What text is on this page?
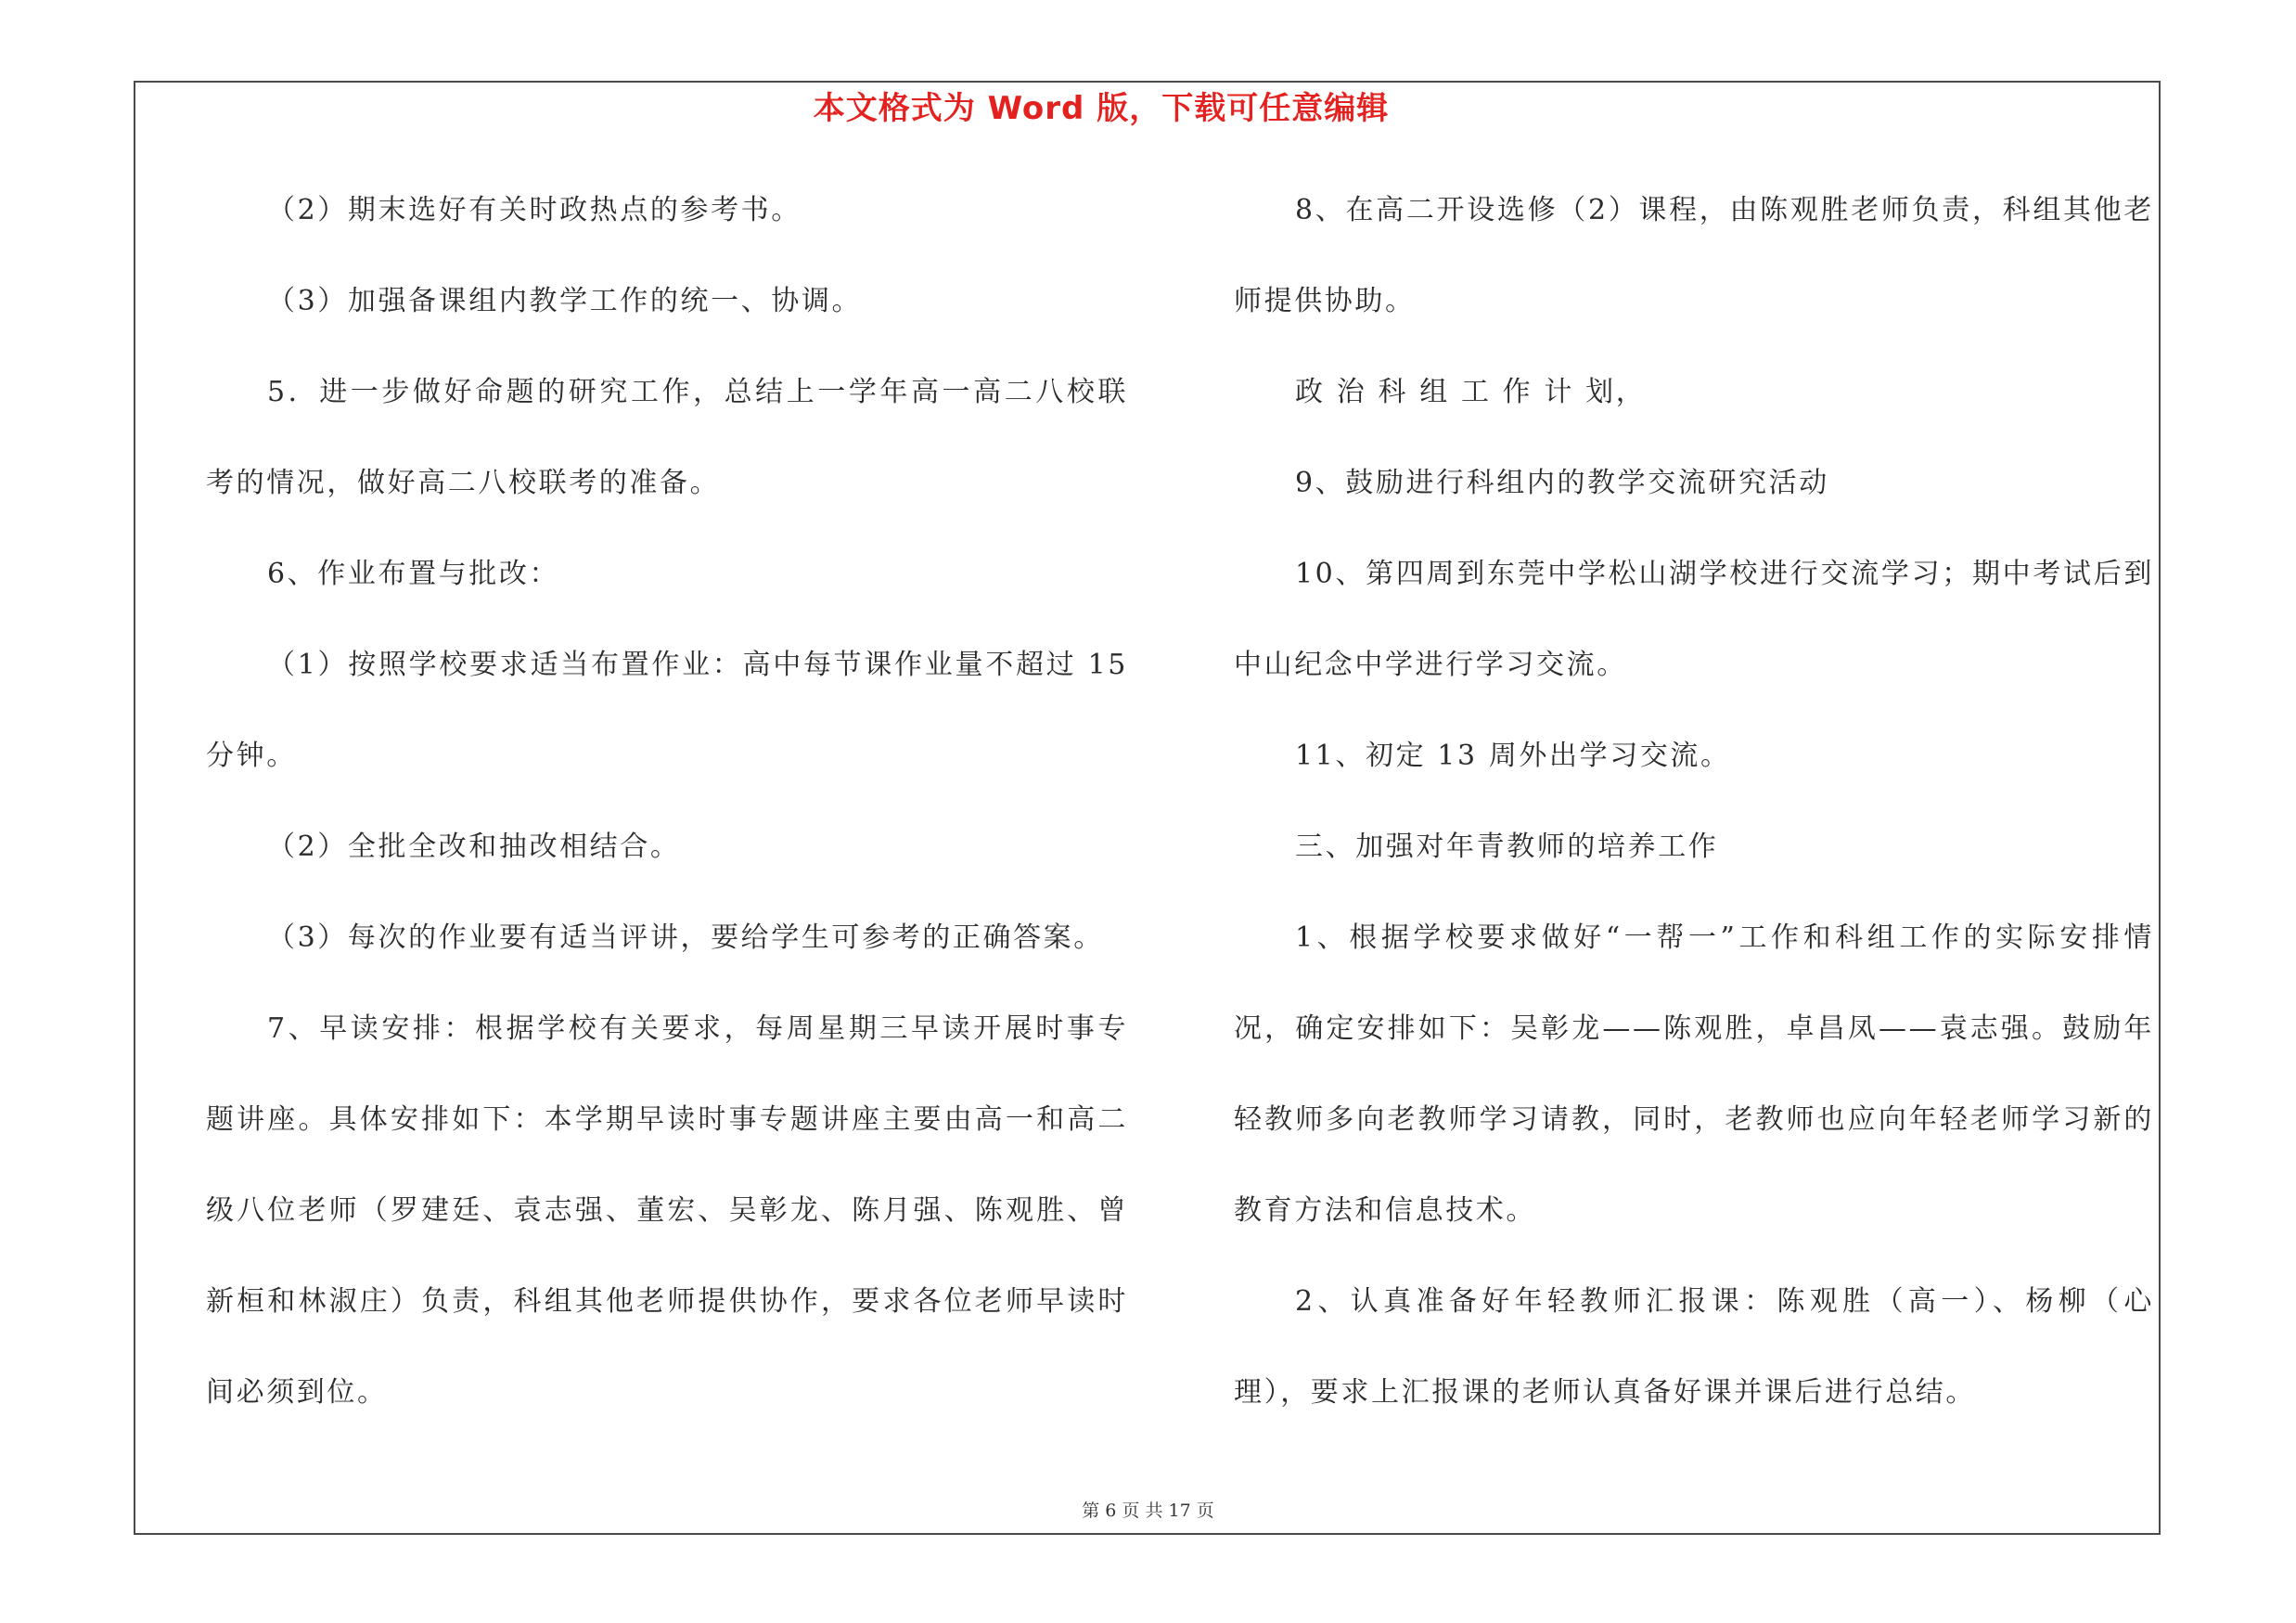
本文格式为 Word 版，下载可任意编辑
（2）期末选好有关时政热点的参考书。
（3）加强备课组内教学工作的统一、协调。
5．进一步做好命题的研究工作，总结上一学年高一高二八校联
考的情况，做好高二八校联考的准备。
6、作业布置与批改：
（1）按照学校要求适当布置作业：高中每节课作业量不超过 15
分钟。
（2）全批全改和抽改相结合。
（3）每次的作业要有适当评讲，要给学生可参考的正确答案。
7、早读安排：根据学校有关要求，每周星期三早读开展时事专
题讲座。具体安排如下：本学期早读时事专题讲座主要由高一和高二
级八位老师（罗建廷、袁志强、董宏、吴彰龙、陈月强、陈观胜、曾
新桓和林淑庄）负责，科组其他老师提供协作，要求各位老师早读时
间必须到位。
8、在高二开设选修（2）课程，由陈观胜老师负责，科组其他老
师提供协助。
政 治 科 组 工 作 计 划，
9、鼓励进行科组内的教学交流研究活动
10、第四周到东莞中学松山湖学校进行交流学习；期中考试后到
中山纪念中学进行学习交流。
11、初定 13 周外出学习交流。
三、加强对年青教师的培养工作
1、根据学校要求做好“一帮一”工作和科组工作的实际安排情
况，确定安排如下：吴彰龙——陈观胜，卓昌凤——袁志强。鼓励年
轻教师多向老教师学习请教，同时，老教师也应向年轻老师学习新的
教育方法和信息技术。
2、认真准备好年轻教师汇报课：陈观胜（高一）、杨柳（心
理），要求上汇报课的老师认真备好课并课后进行总结。
第 6 页 共 17 页
